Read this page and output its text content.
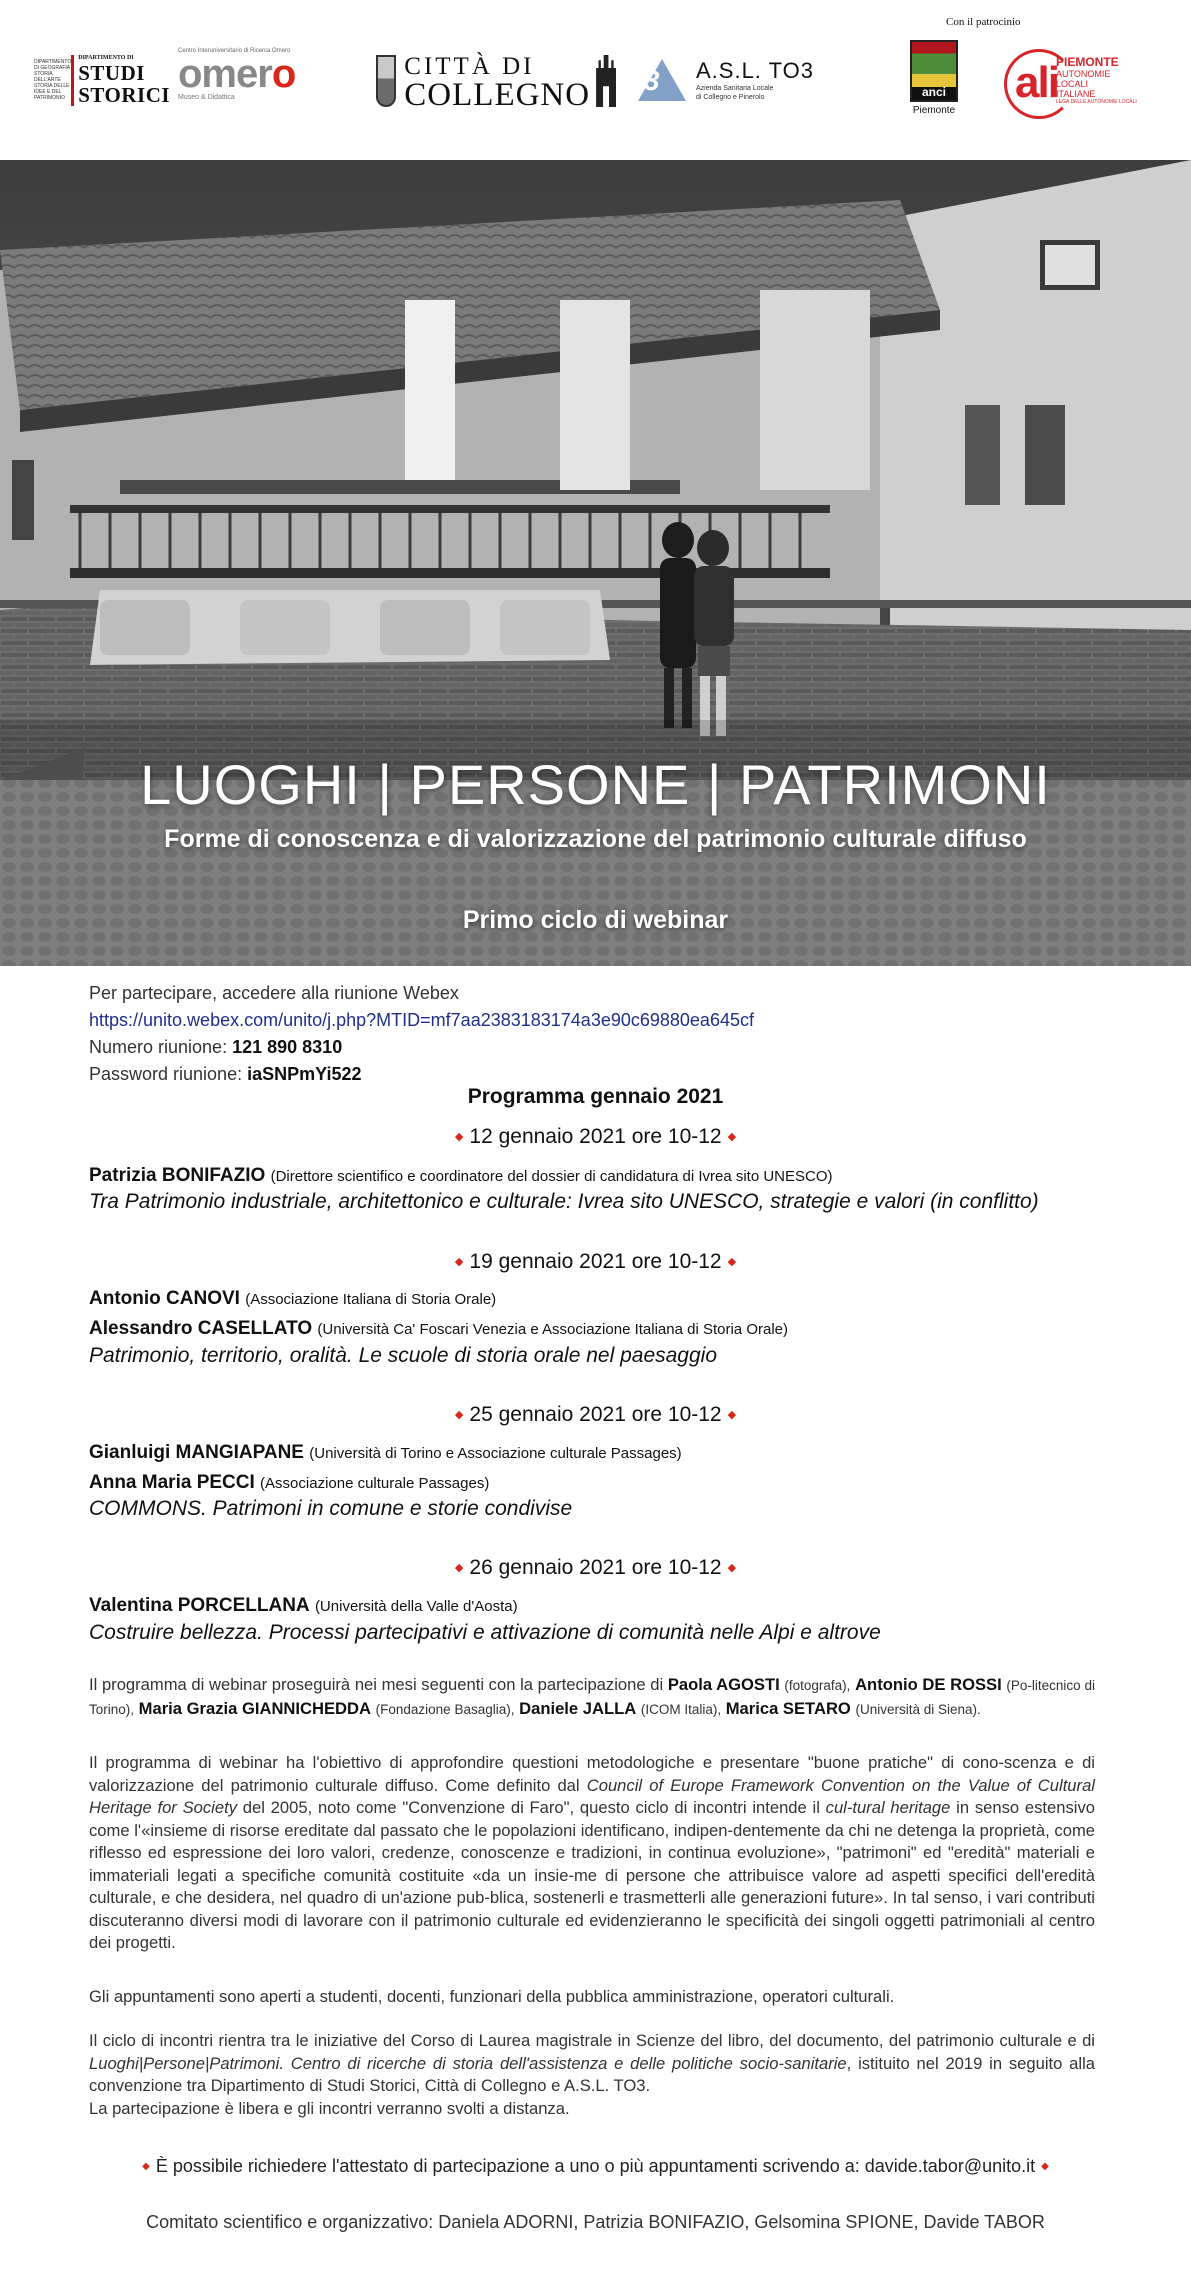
DIPARTIMENTO DI GEOGRAFIA STORIA DELL'ARTE STORIA DELLE IDEE E DEL PATRIMONIO
DIPARTIMENTO DI
STUDI
STORICI
Centro Interuniversitario di Ricerca Omero
omero
Museo & Didattica
CITTÀ DI
COLLEGNO 3 A.S.L. TO3
Azienda Sanitaria Locale
di Collegno e Pinerolo
Con il patrocinio
anci
Piemonte
ali
PIEMONTE
AUTONOMIE
LOCALI
ITALIANE
LEGA DELLE AUTONOMIE LOCALI
LUOGHI | PERSONE | PATRIMONI
Forme di conoscenza e di valorizzazione del patrimonio culturale diffuso
Primo ciclo di webinar
Per partecipare, accedere alla riunione Webex
https://unito.webex.com/unito/j.php?MTID=mf7aa2383183174a3e90c69880ea645cf
Numero riunione: 121 890 8310
Password riunione: iaSNPmYi522
Programma gennaio 2021
◆ 12 gennaio 2021 ore 10-12 ◆
Patrizia BONIFAZIO (Direttore scientifico e coordinatore del dossier di candidatura di Ivrea sito UNESCO)
Tra Patrimonio industriale, architettonico e culturale: Ivrea sito UNESCO, strategie e valori (in conflitto)
◆ 19 gennaio 2021 ore 10-12 ◆
Antonio CANOVI (Associazione Italiana di Storia Orale)
Alessandro CASELLATO (Università Ca' Foscari Venezia e Associazione Italiana di Storia Orale)
Patrimonio, territorio, oralità. Le scuole di storia orale nel paesaggio
◆ 25 gennaio 2021 ore 10-12 ◆
Gianluigi MANGIAPANE (Università di Torino e Associazione culturale Passages)
Anna Maria PECCI (Associazione culturale Passages)
COMMONS. Patrimoni in comune e storie condivise
◆ 26 gennaio 2021 ore 10-12 ◆
Valentina PORCELLANA (Università della Valle d'Aosta)
Costruire bellezza. Processi partecipativi e attivazione di comunità nelle Alpi e altrove
Il programma di webinar proseguirà nei mesi seguenti con la partecipazione di Paola AGOSTI (fotografa), Antonio DE ROSSI (Po-litecnico di Torino), Maria Grazia GIANNICHEDDA (Fondazione Basaglia), Daniele JALLA (ICOM Italia), Marica SETARO (Università di Siena).
Il programma di webinar ha l'obiettivo di approfondire questioni metodologiche e presentare "buone pratiche" di cono-scenza e di valorizzazione del patrimonio culturale diffuso. Come definito dal Council of Europe Framework Convention on the Value of Cultural Heritage for Society del 2005, noto come "Convenzione di Faro", questo ciclo di incontri intende il cul-tural heritage in senso estensivo come l'«insieme di risorse ereditate dal passato che le popolazioni identificano, indipen-dentemente da chi ne detenga la proprietà, come riflesso ed espressione dei loro valori, credenze, conoscenze e tradizioni, in continua evoluzione», "patrimoni" ed "eredità" materiali e immateriali legati a specifiche comunità costituite «da un insie-me di persone che attribuisce valore ad aspetti specifici dell'eredità culturale, e che desidera, nel quadro di un'azione pub-blica, sostenerli e trasmetterli alle generazioni future». In tal senso, i vari contributi discuteranno diversi modi di lavorare con il patrimonio culturale ed evidenzieranno le specificità dei singoli oggetti patrimoniali al centro dei progetti.
Gli appuntamenti sono aperti a studenti, docenti, funzionari della pubblica amministrazione, operatori culturali.
Il ciclo di incontri rientra tra le iniziative del Corso di Laurea magistrale in Scienze del libro, del documento, del patrimonio culturale e di Luoghi|Persone|Patrimoni. Centro di ricerche di storia dell'assistenza e delle politiche socio-sanitarie, istituito nel 2019 in seguito alla convenzione tra Dipartimento di Studi Storici, Città di Collegno e A.S.L. TO3.
La partecipazione è libera e gli incontri verranno svolti a distanza.
◆ È possibile richiedere l'attestato di partecipazione a uno o più appuntamenti scrivendo a: davide.tabor@unito.it ◆
Comitato scientifico e organizzativo: Daniela ADORNI, Patrizia BONIFAZIO, Gelsomina SPIONE, Davide TABOR
